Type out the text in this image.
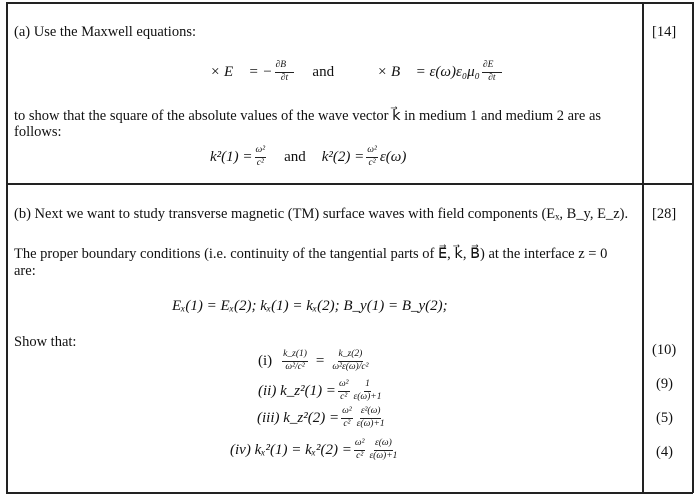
(a) Use the Maxwell equations:	[14]
∇⃗ × E⃗ = − $\frac{\partial B⃗}{\partial t}$ and ∇⃗ × B⃗ = $\varepsilon(\omega)\varepsilon_0\mu_0 \frac{\partial E⃗}{\partial t}$
to show that the square of the absolute values of the wave vector k⃗ in medium 1 and medium 2 are as
follows:
$k^2(1) = \frac{\text{ω²}}{\text{c²}}$ and $k^2(2) = \frac{\text{ω²}}{\text{c²}} \varepsilon(\omega)$
(b) Next we want to study transverse magnetic (TM) surface waves with field components (Eₓ, B_y, E_z). [28]
The proper boundary conditions (i.e. continuity of the tangential parts of E⃗, k⃗, B⃗) at the interface z = 0
are:
Eₓ(1) = Eₓ(2); kₓ(1) = kₓ(2); B_y(1) = B_y(2);
Show that:
$(i) \frac{k\_z(1)}{\text{ω²/c²}} = \frac{k\_z(2)}{\text{ω²ε(ω)/c²}}$	(10)
(ii) k_z²(1) = $\frac{\text{ω²}}{\text{c²}} \frac{1}{\varepsilon(\omega)+1}$	(9)
(iii) k_z²(2) = $\frac{\text{ω²}}{\text{c²}} \frac{\text{ε²(ω)}}{\varepsilon(\omega)+1}$	(5)
(iv) $k_x^2(1) = k_x^2(2) = \frac{\text{ω²}}{\text{c²}} \frac{\varepsilon(\omega)}{\varepsilon(\omega)+1}$	(4)
